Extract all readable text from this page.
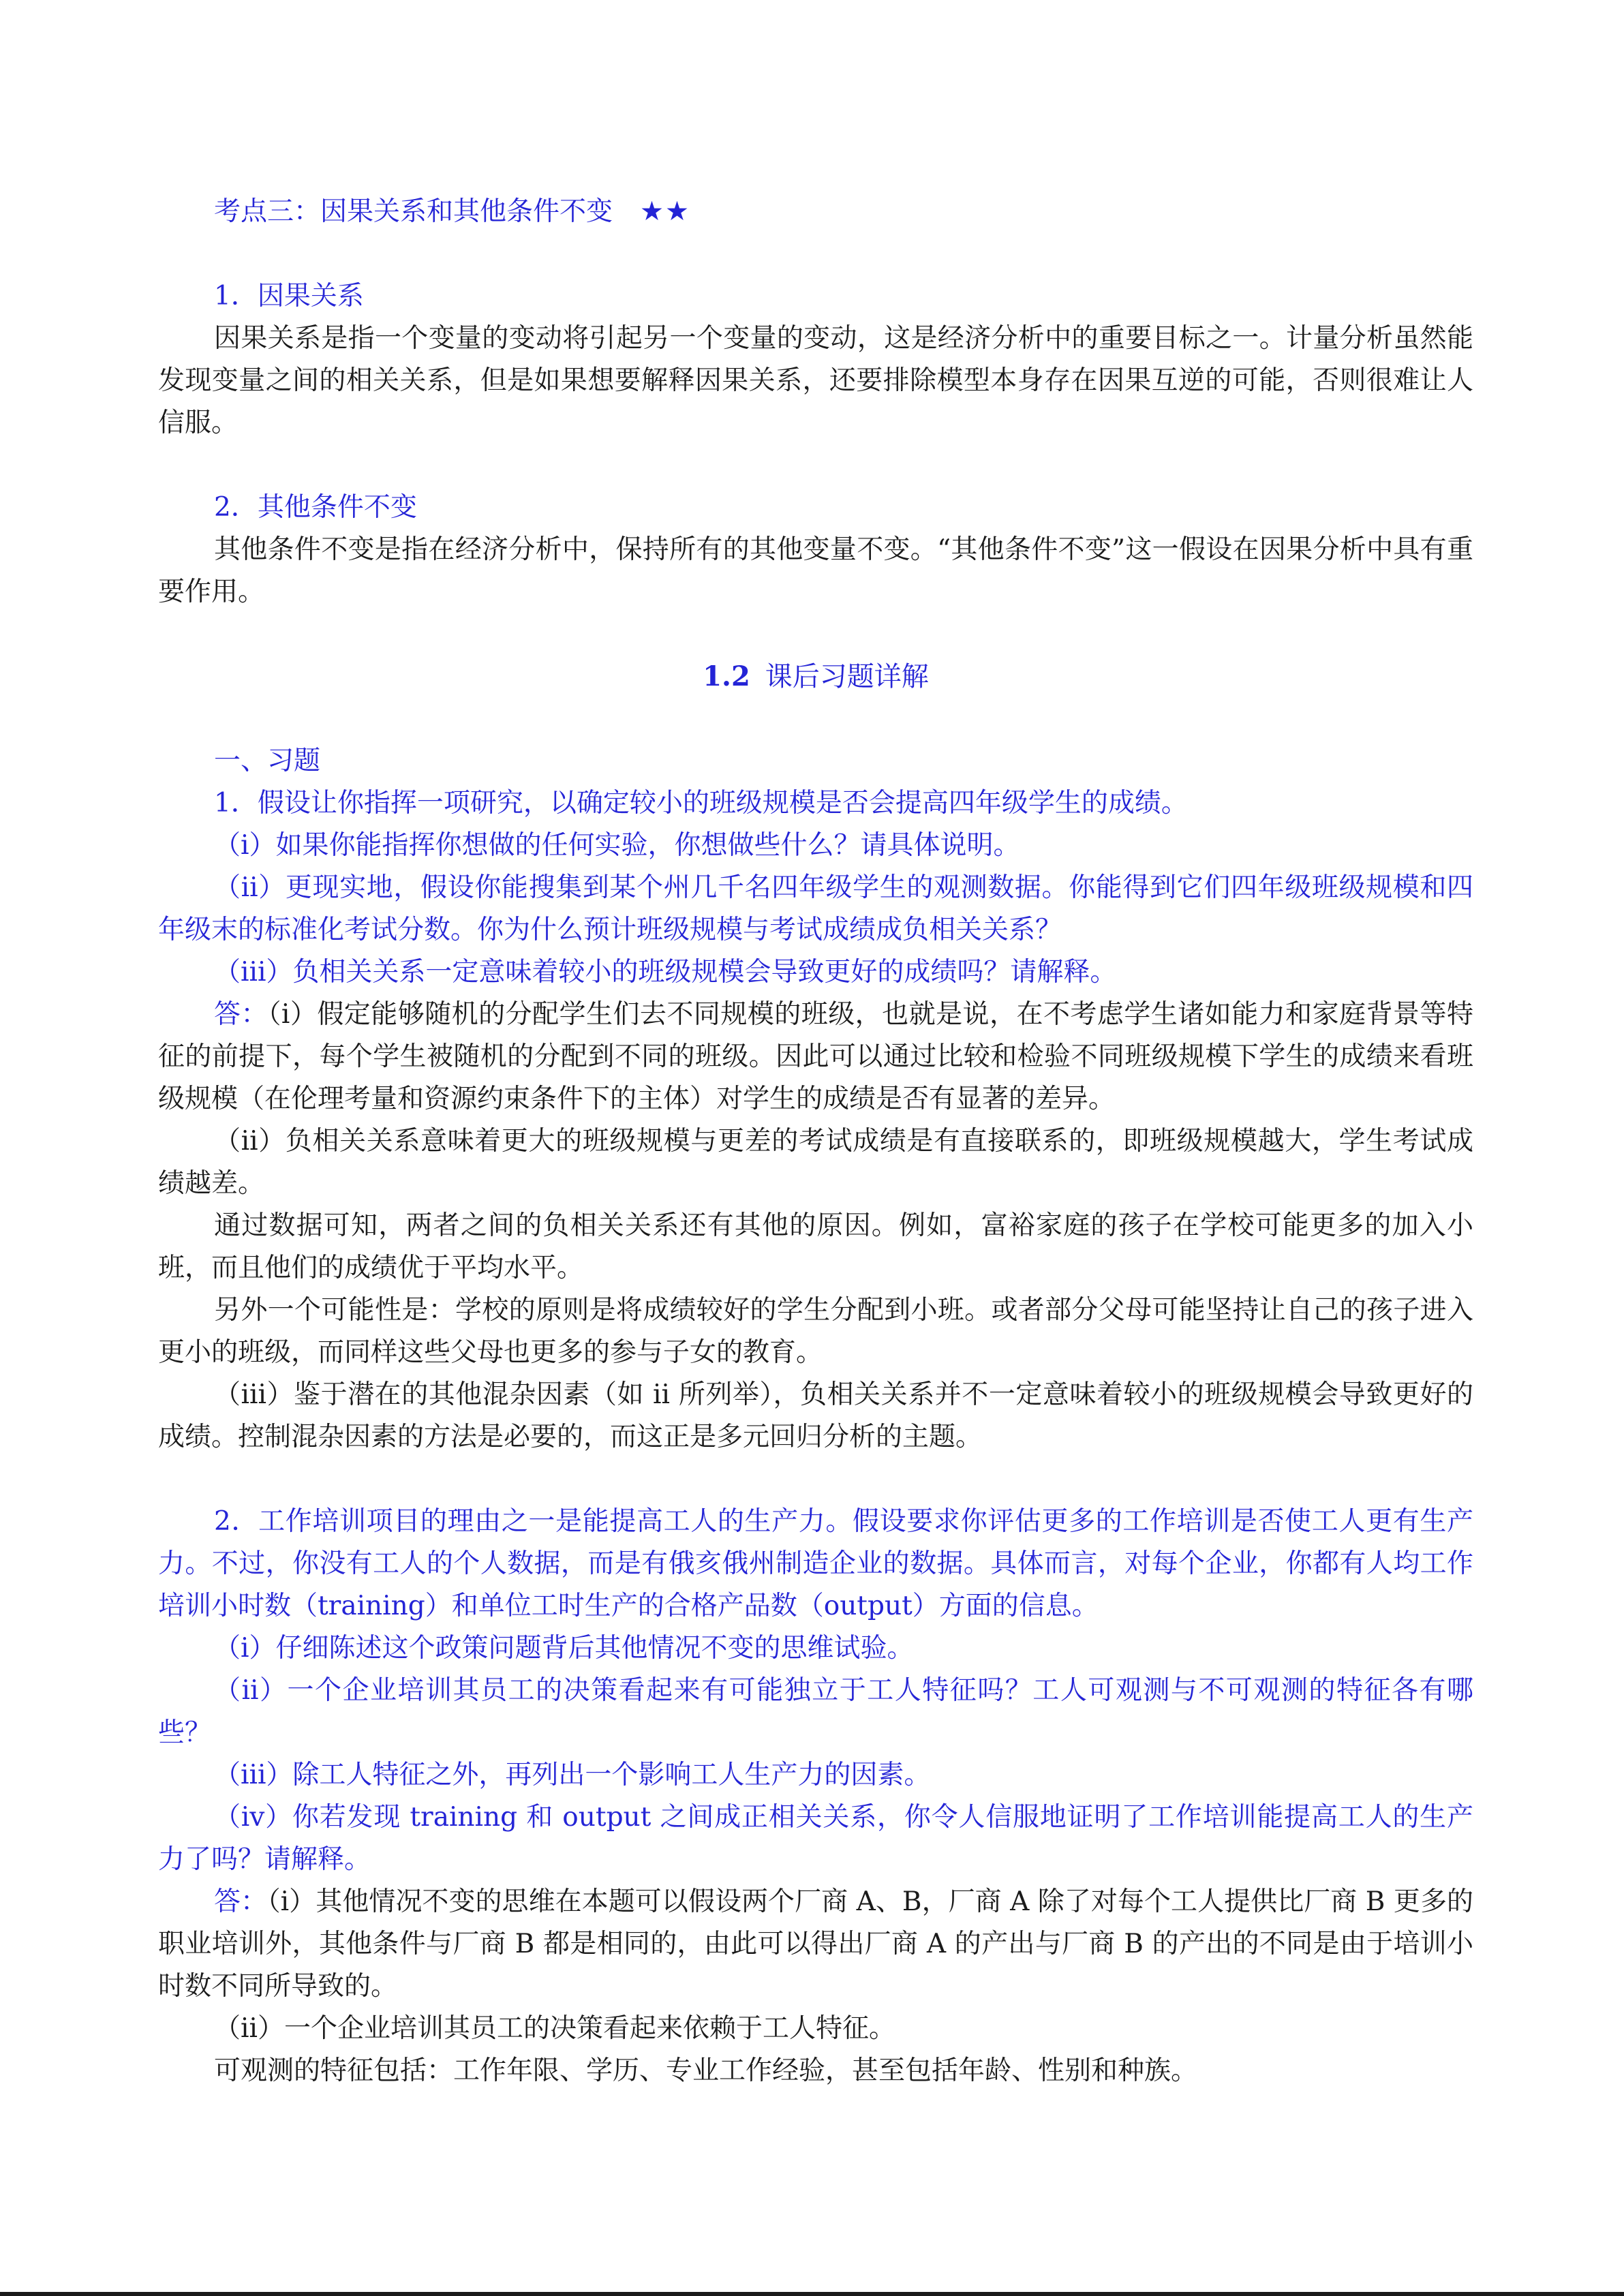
考点三：因果关系和其他条件不变 ★★

1．因果关系

因果关系是指一个变量的变动将引起另一个变量的变动，这是经济分析中的重要目标之一。计量分析虽然能发现变量之间的相关关系，但是如果想要解释因果关系，还要排除模型本身存在因果互逆的可能，否则很难让人信服。

2．其他条件不变

其他条件不变是指在经济分析中，保持所有的其他变量不变。“其他条件不变”这一假设在因果分析中具有重要作用。

1.2 课后习题详解

一、习题

1．假设让你指挥一项研究，以确定较小的班级规模是否会提高四年级学生的成绩。

（i）如果你能指挥你想做的任何实验，你想做些什么？请具体说明。

（ii）更现实地，假设你能搜集到某个州几千名四年级学生的观测数据。你能得到它们四年级班级规模和四年级末的标准化考试分数。你为什么预计班级规模与考试成绩成负相关关系？

（iii）负相关关系一定意味着较小的班级规模会导致更好的成绩吗？请解释。

答：（i）假定能够随机的分配学生们去不同规模的班级，也就是说，在不考虑学生诸如能力和家庭背景等特征的前提下，每个学生被随机的分配到不同的班级。因此可以通过比较和检验不同班级规模下学生的成绩来看班级规模（在伦理考量和资源约束条件下的主体）对学生的成绩是否有显著的差异。

（ii）负相关关系意味着更大的班级规模与更差的考试成绩是有直接联系的，即班级规模越大，学生考试成绩越差。

通过数据可知，两者之间的负相关关系还有其他的原因。例如，富裕家庭的孩子在学校可能更多的加入小班，而且他们的成绩优于平均水平。

另外一个可能性是：学校的原则是将成绩较好的学生分配到小班。或者部分父母可能坚持让自己的孩子进入更小的班级，而同样这些父母也更多的参与子女的教育。

（iii）鉴于潜在的其他混杂因素（如 ii 所列举），负相关关系并不一定意味着较小的班级规模会导致更好的成绩。控制混杂因素的方法是必要的，而这正是多元回归分析的主题。

2．工作培训项目的理由之一是能提高工人的生产力。假设要求你评估更多的工作培训是否使工人更有生产力。不过，你没有工人的个人数据，而是有俄亥俄州制造企业的数据。具体而言，对每个企业，你都有人均工作培训小时数（training）和单位工时生产的合格产品数（output）方面的信息。

（i）仔细陈述这个政策问题背后其他情况不变的思维试验。

（ii）一个企业培训其员工的决策看起来有可能独立于工人特征吗？工人可观测与不可观测的特征各有哪些？

（iii）除工人特征之外，再列出一个影响工人生产力的因素。

（iv）你若发现 training 和 output 之间成正相关关系，你令人信服地证明了工作培训能提高工人的生产力了吗？请解释。

答：（i）其他情况不变的思维在本题可以假设两个厂商 A、B，厂商 A 除了对每个工人提供比厂商 B 更多的职业培训外，其他条件与厂商 B 都是相同的，由此可以得出厂商 A 的产出与厂商 B 的产出的不同是由于培训小时数不同所导致的。

（ii）一个企业培训其员工的决策看起来依赖于工人特征。

可观测的特征包括：工作年限、学历、专业工作经验，甚至包括年龄、性别和种族。
